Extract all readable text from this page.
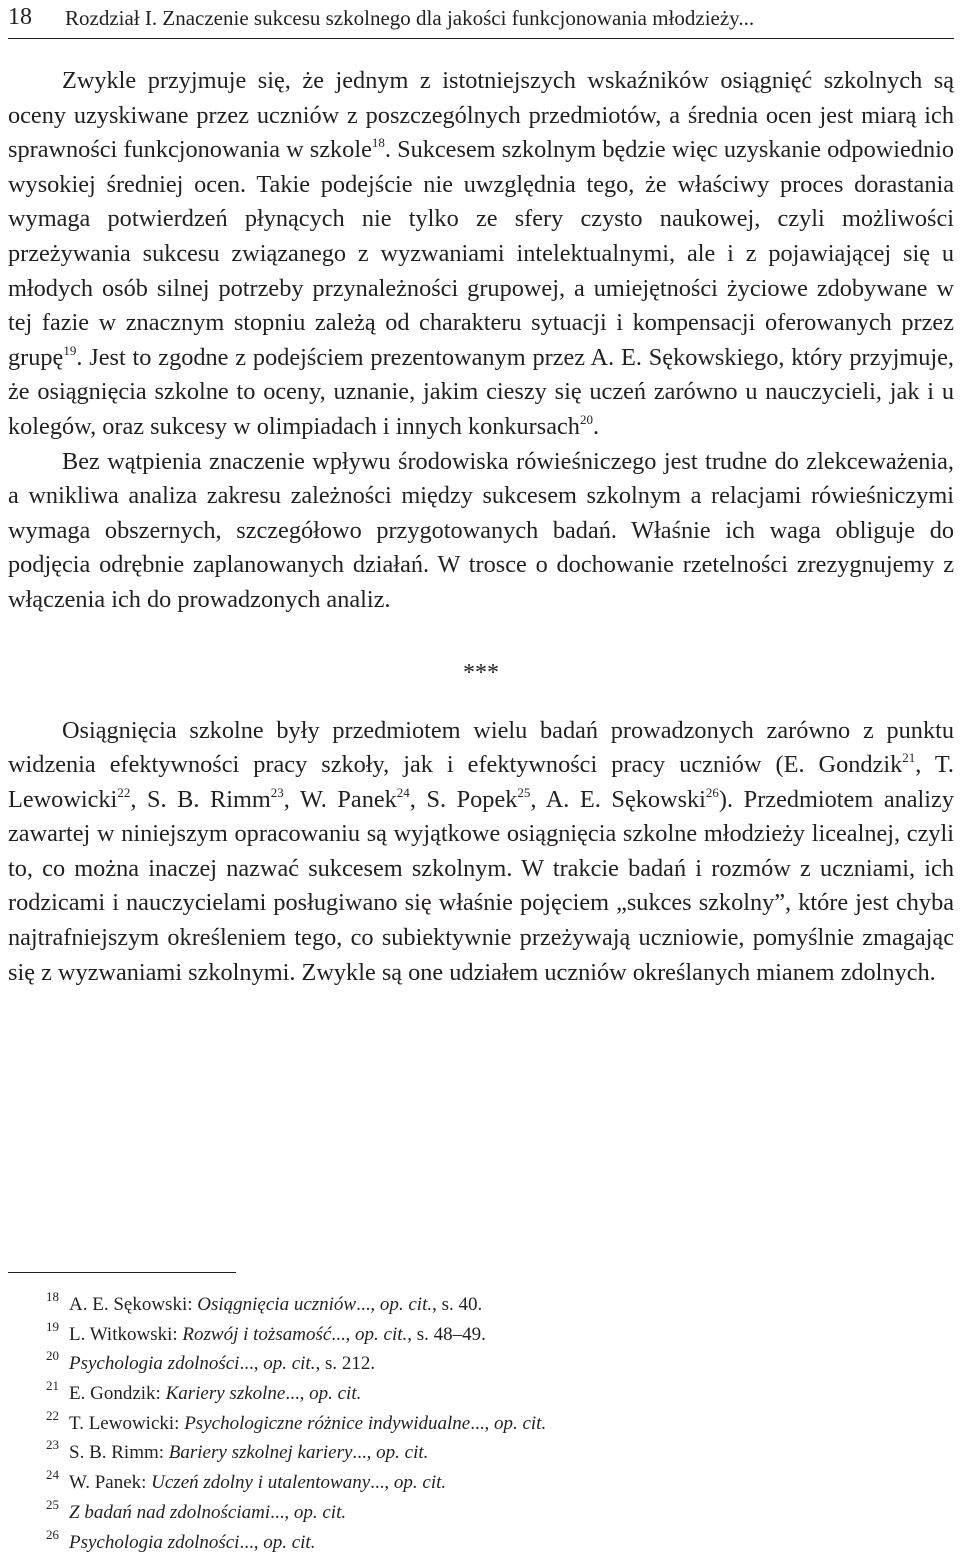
18 Rozdział I. Znaczenie sukcesu szkolnego dla jakości funkcjonowania młodzieży...

Zwykle przyjmuje się, że jednym z istotniejszych wskaźników osiągnięć szkolnych są oceny uzyskiwane przez uczniów z poszczególnych przedmiotów, a średnia ocen jest miarą ich sprawności funkcjonowania w szkole$^{18}$. Sukcesem szkolnym będzie więc uzyskanie odpowiednio wysokiej średniej ocen. Takie podejście nie uwzględnia tego, że właściwy proces dorastania wymaga potwierdzeń płynących nie tylko ze sfery czysto naukowej, czyli możliwości przeżywania sukcesu związanego z wyzwaniami intelektualnymi, ale i z pojawiającej się u młodych osób silnej potrzeby przynależności grupowej, a umiejętności życiowe zdobywane w tej fazie w znacznym stopniu zależą od charakteru sytuacji i kompensacji oferowanych przez grupę$^{19}$. Jest to zgodne z podejściem prezentowanym przez A. E. Sękowskiego, który przyjmuje, że osiągnięcia szkolne to oceny, uznanie, jakim cieszy się uczeń zarówno u nauczycieli, jak i u kolegów, oraz sukcesy w olimpiadach i innych konkursach$^{20}$.

Bez wątpienia znaczenie wpływu środowiska rówieśniczego jest trudne do zlekceważenia, a wnikliwa analiza zakresu zależności między sukcesem szkolnym a relacjami rówieśniczymi wymaga obszernych, szczegółowo przygotowanych badań. Właśnie ich waga obliguje do podjęcia odrębnie zaplanowanych działań. W trosce o dochowanie rzetelności zrezygnujemy z włączenia ich do prowadzonych analiz.

***

Osiągnięcia szkolne były przedmiotem wielu badań prowadzonych zarówno z punktu widzenia efektywności pracy szkoły, jak i efektywności pracy uczniów (E. Gondzik$^{21}$, T. Lewowicki$^{22}$, S. B. Rimm$^{23}$, W. Panek$^{24}$, S. Popek$^{25}$, A. E. Sękowski$^{26}$). Przedmiotem analizy zawartej w niniejszym opracowaniu są wyjątkowe osiągnięcia szkolne młodzieży licealnej, czyli to, co można inaczej nazwać sukcesem szkolnym. W trakcie badań i rozmów z uczniami, ich rodzicami i nauczycielami posługiwano się właśnie pojęciem „sukces szkolny”, które jest chyba najtrafniejszym określeniem tego, co subiektywnie przeżywają uczniowie, pomyślnie zmagając się z wyzwaniami szkolnymi. Zwykle są one udziałem uczniów określanych mianem zdolnych.

18 A. E. Sękowski: Osiągnięcia uczniów..., op. cit., s. 40.
19 L. Witkowski: Rozwój i tożsamość..., op. cit., s. 48–49.
20 Psychologia zdolności..., op. cit., s. 212.
21 E. Gondzik: Kariery szkolne..., op. cit.
22 T. Lewowicki: Psychologiczne różnice indywidualne..., op. cit.
23 S. B. Rimm: Bariery szkolnej kariery..., op. cit.
24 W. Panek: Uczeń zdolny i utalentowany..., op. cit.
25 Z badań nad zdolnościami..., op. cit.
26 Psychologia zdolności..., op. cit.
